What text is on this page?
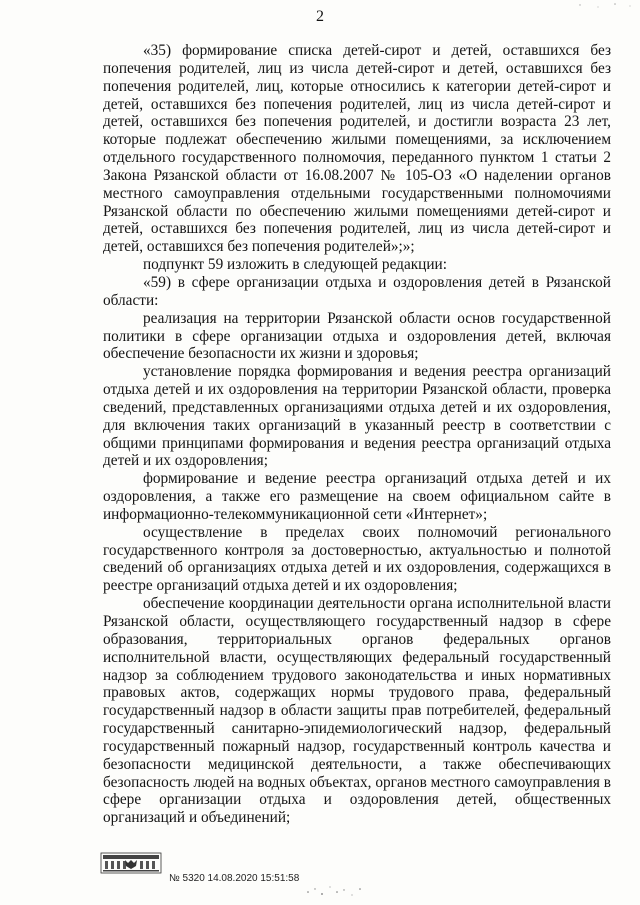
2

«35) формирование списка детей-сирот и детей, оставшихся без попечения родителей, лиц из числа детей-сирот и детей, оставшихся без попечения родителей, лиц, которые относились к категории детей-сирот и детей, оставшихся без попечения родителей, лиц из числа детей-сирот и детей, оставшихся без попечения родителей, и достигли возраста 23 лет, которые подлежат обеспечению жилыми помещениями, за исключением отдельного государственного полномочия, переданного пунктом 1 статьи 2 Закона Рязанской области от 16.08.2007 № 105-ОЗ «О наделении органов местного самоуправления отдельными государственными полномочиями Рязанской области по обеспечению жилыми помещениями детей-сирот и детей, оставшихся без попечения родителей, лиц из числа детей-сирот и детей, оставшихся без попечения родителей»;»;

подпункт 59 изложить в следующей редакции:

«59) в сфере организации отдыха и оздоровления детей в Рязанской области:

реализация на территории Рязанской области основ государственной политики в сфере организации отдыха и оздоровления детей, включая обеспечение безопасности их жизни и здоровья;

установление порядка формирования и ведения реестра организаций отдыха детей и их оздоровления на территории Рязанской области, проверка сведений, представленных организациями отдыха детей и их оздоровления, для включения таких организаций в указанный реестр в соответствии с общими принципами формирования и ведения реестра организаций отдыха детей и их оздоровления;

формирование и ведение реестра организаций отдыха детей и их оздоровления, а также его размещение на своем официальном сайте в информационно-телекоммуникационной сети «Интернет»;

осуществление в пределах своих полномочий регионального государственного контроля за достоверностью, актуальностью и полнотой сведений об организациях отдыха детей и их оздоровления, содержащихся в реестре организаций отдыха детей и их оздоровления;

обеспечение координации деятельности органа исполнительной власти Рязанской области, осуществляющего государственный надзор в сфере образования, территориальных органов федеральных органов исполнительной власти, осуществляющих федеральный государственный надзор за соблюдением трудового законодательства и иных нормативных правовых актов, содержащих нормы трудового права, федеральный государственный надзор в области защиты прав потребителей, федеральный государственный санитарно-эпидемиологический надзор, федеральный государственный пожарный надзор, государственный контроль качества и безопасности медицинской деятельности, а также обеспечивающих безопасность людей на водных объектах, органов местного самоуправления в сфере организации отдыха и оздоровления детей, общественных организаций и объединений;

№ 5320 14.08.2020 15:51:58
